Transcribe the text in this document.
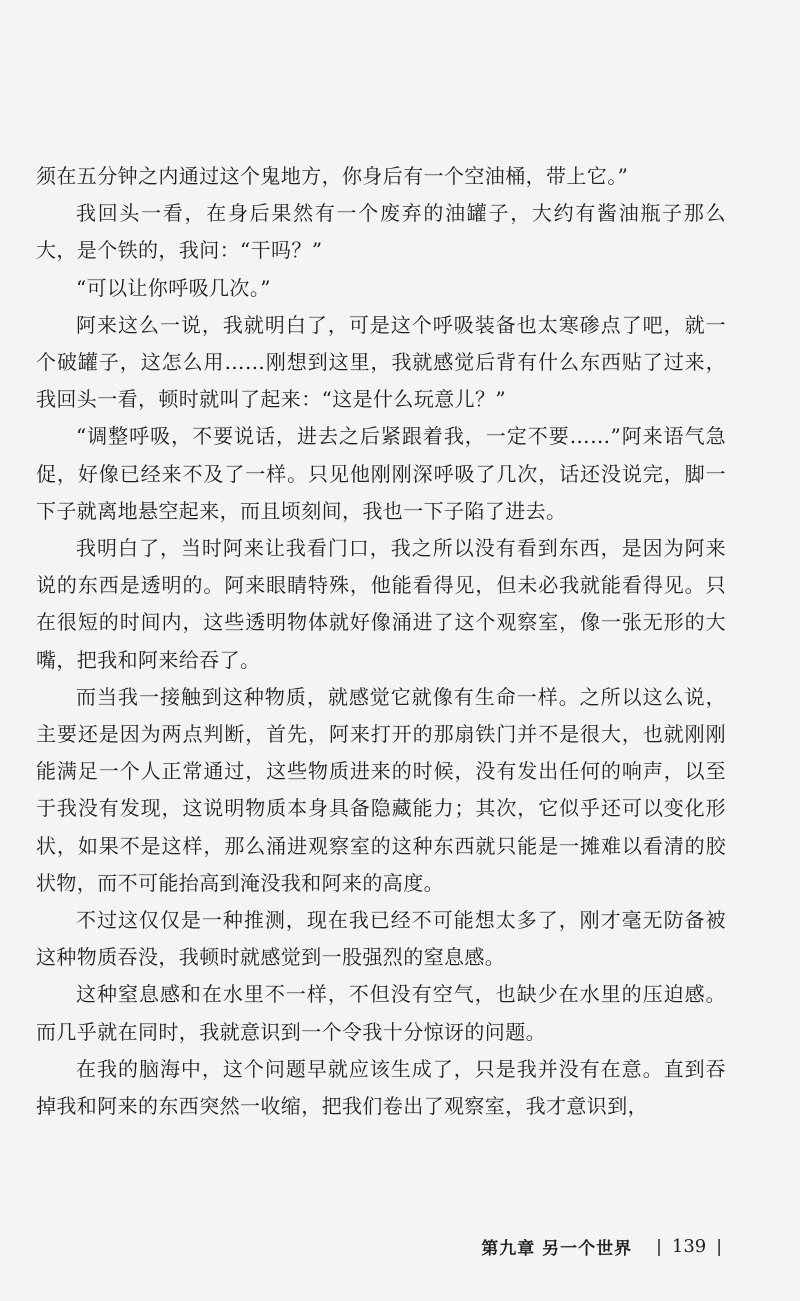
须在五分钟之内通过这个鬼地方，你身后有一个空油桶，带上它。”

我回头一看，在身后果然有一个废弃的油罐子，大约有酱油瓶子那么大，是个铁的，我问：“干吗？”

“可以让你呼吸几次。”

阿来这么一说，我就明白了，可是这个呼吸装备也太寒碜点了吧，就一个破罐子，这怎么用……刚想到这里，我就感觉后背有什么东西贴了过来，我回头一看，顿时就叫了起来：“这是什么玩意儿？”

“调整呼吸，不要说话，进去之后紧跟着我，一定不要……”阿来语气急促，好像已经来不及了一样。只见他刚刚深呼吸了几次，话还没说完，脚一下子就离地悬空起来，而且顷刻间，我也一下子陷了进去。

我明白了，当时阿来让我看门口，我之所以没有看到东西，是因为阿来说的东西是透明的。阿来眼睛特殊，他能看得见，但未必我就能看得见。只在很短的时间内，这些透明物体就好像涌进了这个观察室，像一张无形的大嘴，把我和阿来给吞了。

而当我一接触到这种物质，就感觉它就像有生命一样。之所以这么说，主要还是因为两点判断，首先，阿来打开的那扇铁门并不是很大，也就刚刚能满足一个人正常通过，这些物质进来的时候，没有发出任何的响声，以至于我没有发现，这说明物质本身具备隐藏能力；其次，它似乎还可以变化形状，如果不是这样，那么涌进观察室的这种东西就只能是一摊难以看清的胶状物，而不可能抬高到淹没我和阿来的高度。

不过这仅仅是一种推测，现在我已经不可能想太多了，刚才毫无防备被这种物质吞没，我顿时就感觉到一股强烈的窒息感。

这种窒息感和在水里不一样，不但没有空气，也缺少在水里的压迫感。而几乎就在同时，我就意识到一个令我十分惊讶的问题。

在我的脑海中，这个问题早就应该生成了，只是我并没有在意。直到吞掉我和阿来的东西突然一收缩，把我们卷出了观察室，我才意识到，

第九章 另一个世界 | 139 |
